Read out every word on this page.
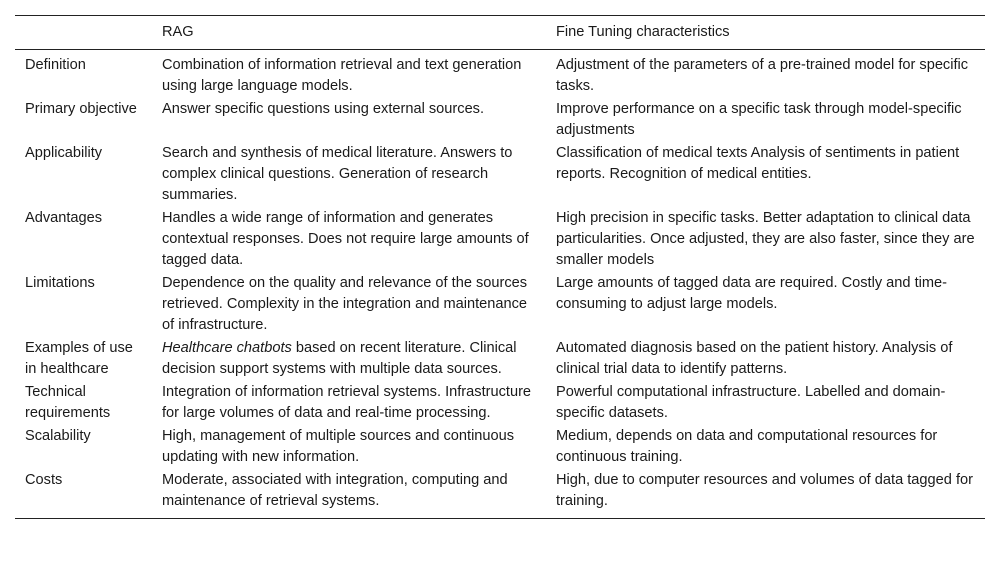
	RAG	Fine Tuning characteristics
Definition	Combination of information retrieval and text generation using large language models.	Adjustment of the parameters of a pre-trained model for specific tasks.
Primary objective	Answer specific questions using external sources.	Improve performance on a specific task through model-specific adjustments
Applicability	Search and synthesis of medical literature. Answers to complex clinical questions. Generation of research summaries.	Classification of medical texts Analysis of sentiments in patient reports. Recognition of medical entities.
Advantages	Handles a wide range of information and generates contextual responses. Does not require large amounts of tagged data.	High precision in specific tasks. Better adaptation to clinical data particularities. Once adjusted, they are also faster, since they are smaller models
Limitations	Dependence on the quality and relevance of the sources retrieved. Complexity in the integration and maintenance of infrastructure.	Large amounts of tagged data are required. Costly and time-consuming to adjust large models.
Examples of use in healthcare	Healthcare chatbots based on recent literature. Clinical decision support systems with multiple data sources.	Automated diagnosis based on the patient history. Analysis of clinical trial data to identify patterns.
Technical requirements	Integration of information retrieval systems. Infrastructure for large volumes of data and real-time processing.	Powerful computational infrastructure. Labelled and domain-specific datasets.
Scalability	High, management of multiple sources and continuous updating with new information.	Medium, depends on data and computational resources for continuous training.
Costs	Moderate, associated with integration, computing and maintenance of retrieval systems.	High, due to computer resources and volumes of data tagged for training.
